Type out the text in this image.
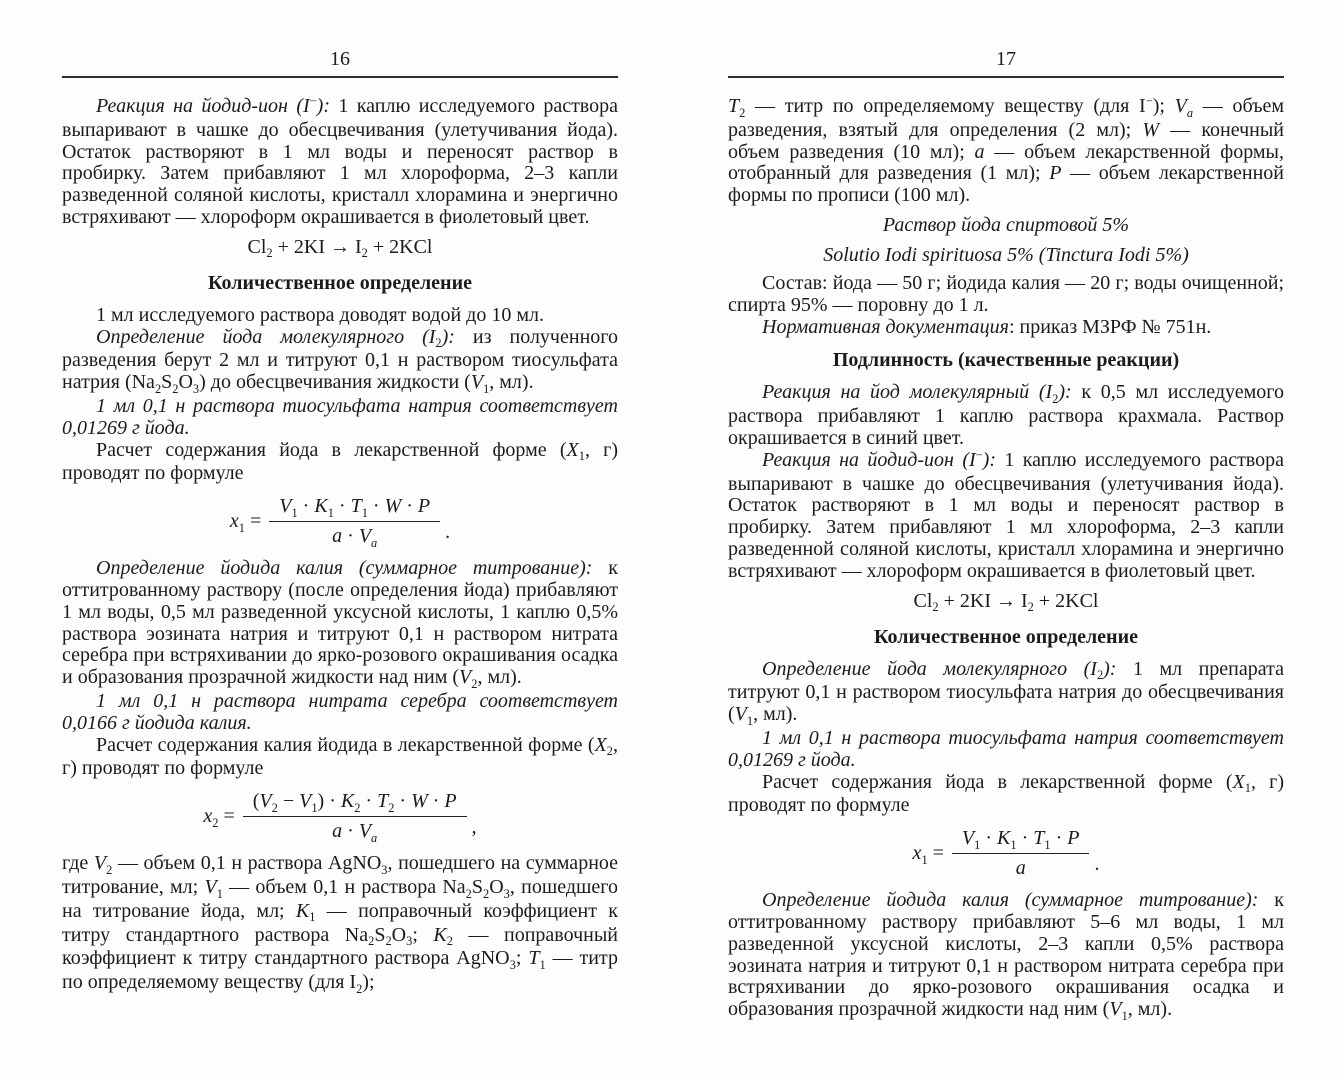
16

Реакция на йодид-ион (I−): 1 каплю исследуемого раствора выпаривают в чашке до обесцвечивания (улетучивания йода). Остаток растворяют в 1 мл воды и переносят раствор в пробирку. Затем прибавляют 1 мл хлороформа, 2–3 капли разведенной соляной кислоты, кристалл хлорамина и энергично встряхивают — хлороформ окрашивается в фиолетовый цвет.

$Cl_2 + 2KI \to I_2 + 2KCl$

Количественное определение

1 мл исследуемого раствора доводят водой до 10 мл.

Определение йода молекулярного $(I_2)$: из полученного разведения берут 2 мл и титруют 0,1 н раствором тиосульфата натрия $(Na_2S_2O_3)$ до обесцвечивания жидкости ($V_1$, мл).

1 мл 0,1 н раствора тиосульфата натрия соответствует 0,01269 г йода.

Расчет содержания йода в лекарственной форме ($X_1$, г) проводят по формуле

$x_1 = \frac{V_1 \cdot K_1 \cdot T_1 \cdot W \cdot P}{a \cdot V_a}$ .

Определение йодида калия (суммарное титрование): к оттитрованному раствору (после определения йода) прибавляют 1 мл воды, 0,5 мл разведенной уксусной кислоты, 1 каплю 0,5% раствора эозината натрия и титруют 0,1 н раствором нитрата серебра при встряхивании до ярко-розового окрашивания осадка и образования прозрачной жидкости над ним ($V_2$, мл).

1 мл 0,1 н раствора нитрата серебра соответствует 0,0166 г йодида калия.

Расчет содержания калия йодида в лекарственной форме ($X_2$, г) проводят по формуле

$x_2 = \frac{(V_2 - V_1) \cdot K_2 \cdot T_2 \cdot W \cdot P}{a \cdot V_a}$ ,

где $V_2$ — объем 0,1 н раствора AgNO$_3$, пошедшего на суммарное титрование, мл; $V_1$ — объем 0,1 н раствора $Na_2S_2O_3$, пошедшего на титрование йода, мл; $K_1$ — поправочный коэффициент к титру стандартного раствора $Na_2S_2O_3$; $K_2$ — поправочный коэффициент к титру стандартного раствора AgNO$_3$; $T_1$ — титр по определяемому веществу (для $I_2$);

17

$T_2$ — титр по определяемому веществу (для I−); $V_a$ — объем разведения, взятый для определения (2 мл); W — конечный объем разведения (10 мл); a — объем лекарственной формы, отобранный для разведения (1 мл); P — объем лекарственной формы по прописи (100 мл).

Раствор йода спиртовой 5%

Solutio Iodi spirituosa 5% (Tinctura Iodi 5%)

Состав: йода — 50 г; йодида калия — 20 г; воды очищенной; спирта 95% — поровну до 1 л.

Нормативная документация: приказ МЗРФ № 751н.

Подлинность (качественные реакции)

Реакция на йод молекулярный $(I_2)$: к 0,5 мл исследуемого раствора прибавляют 1 каплю раствора крахмала. Раствор окрашивается в синий цвет.

Реакция на йодид-ион (I−): 1 каплю исследуемого раствора выпаривают в чашке до обесцвечивания (улетучивания йода). Остаток растворяют в 1 мл воды и переносят раствор в пробирку. Затем прибавляют 1 мл хлороформа, 2–3 капли разведенной соляной кислоты, кристалл хлорамина и энергично встряхивают — хлороформ окрашивается в фиолетовый цвет.

$Cl_2 + 2KI \to I_2 + 2KCl$

Количественное определение

Определение йода молекулярного $(I_2)$: 1 мл препарата титруют 0,1 н раствором тиосульфата натрия до обесцвечивания ($V_1$, мл).

1 мл 0,1 н раствора тиосульфата натрия соответствует 0,01269 г йода.

Расчет содержания йода в лекарственной форме ($X_1$, г) проводят по формуле

$x_1 = \frac{V_1 \cdot K_1 \cdot T_1 \cdot P}{a}$ .

Определение йодида калия (суммарное титрование): к оттитрованному раствору прибавляют 5–6 мл воды, 1 мл разведенной уксусной кислоты, 2–3 капли 0,5% раствора эозината натрия и титруют 0,1 н раствором нитрата серебра при встряхивании до ярко-розового окрашивания осадка и образования прозрачной жидкости над ним ($V_1$, мл).
